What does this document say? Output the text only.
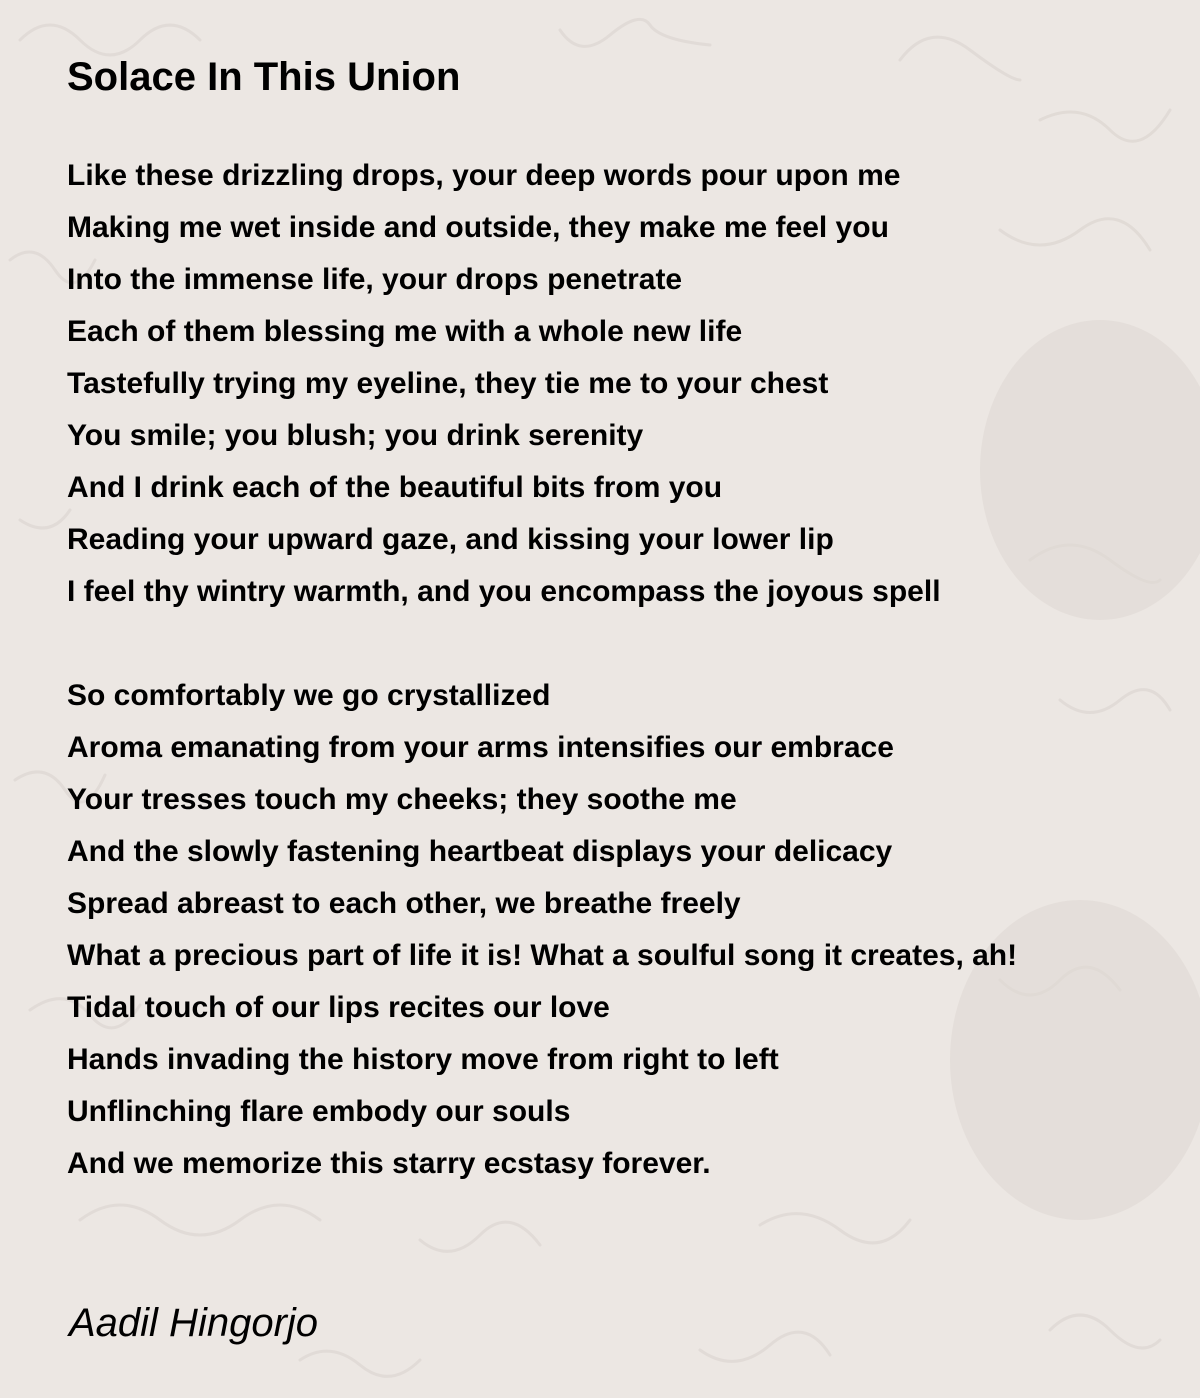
Solace In This Union
Like these drizzling drops, your deep words pour upon me
Making me wet inside and outside, they make me feel you
Into the immense life, your drops penetrate
Each of them blessing me with a whole new life
Tastefully trying my eyeline, they tie me to your chest
You smile; you blush; you drink serenity
And I drink each of the beautiful bits from you
Reading your upward gaze, and kissing your lower lip
I feel thy wintry warmth, and you encompass the joyous spell
So comfortably we go crystallized
Aroma emanating from your arms intensifies our embrace
Your tresses touch my cheeks; they soothe me
And the slowly fastening heartbeat displays your delicacy
Spread abreast to each other, we breathe freely
What a precious part of life it is! What a soulful song it creates, ah!
Tidal touch of our lips recites our love
Hands invading the history move from right to left
Unflinching flare embody our souls
And we memorize this starry ecstasy forever.

Aadil Hingorjo
